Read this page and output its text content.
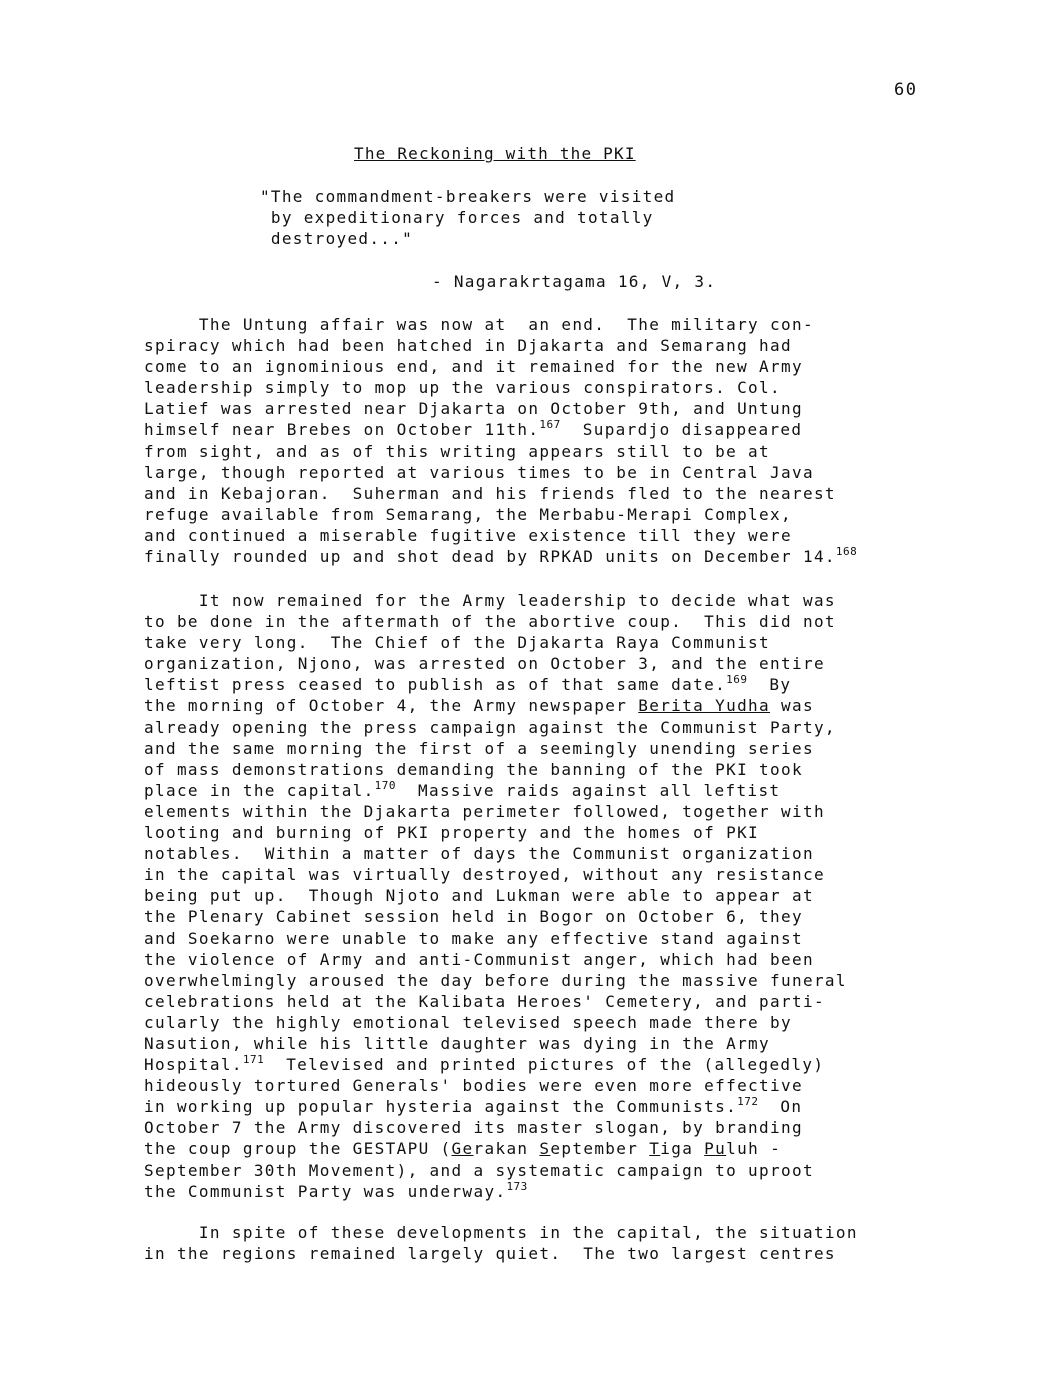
60
The Reckoning with the PKI
"The commandment-breakers were visited
by expeditionary forces and totally
destroyed..."
- Nagarakrtagama 16, V, 3.
The Untung affair was now at  an end.  The military con-
spiracy which had been hatched in Djakarta and Semarang had
come to an ignominious end, and it remained for the new Army
leadership simply to mop up the various conspirators. Col.
Latief was arrested near Djakarta on October 9th, and Untung
himself near Brebes on October 11th.$^{167}$  Supardjo disappeared
from sight, and as of this writing appears still to be at
large, though reported at various times to be in Central Java
and in Kebajoran.  Suherman and his friends fled to the nearest
refuge available from Semarang, the Merbabu-Merapi Complex,
and continued a miserable fugitive existence till they were
finally rounded up and shot dead by RPKAD units on December 14.$^{168}$
It now remained for the Army leadership to decide what was
to be done in the aftermath of the abortive coup.  This did not
take very long.  The Chief of the Djakarta Raya Communist
organization, Njono, was arrested on October 3, and the entire
leftist press ceased to publish as of that same date.$^{169}$  By
the morning of October 4, the Army newspaper Berita Yudha was
already opening the press campaign against the Communist Party,
and the same morning the first of a seemingly unending series
of mass demonstrations demanding the banning of the PKI took
place in the capital.$^{170}$  Massive raids against all leftist
elements within the Djakarta perimeter followed, together with
looting and burning of PKI property and the homes of PKI
notables.  Within a matter of days the Communist organization
in the capital was virtually destroyed, without any resistance
being put up.  Though Njoto and Lukman were able to appear at
the Plenary Cabinet session held in Bogor on October 6, they
and Soekarno were unable to make any effective stand against
the violence of Army and anti-Communist anger, which had been
overwhelmingly aroused the day before during the massive funeral
celebrations held at the Kalibata Heroes' Cemetery, and parti-
cularly the highly emotional televised speech made there by
Nasution, while his little daughter was dying in the Army
Hospital.$^{171}$  Televised and printed pictures of the (allegedly)
hideously tortured Generals' bodies were even more effective
in working up popular hysteria against the Communists.$^{172}$  On
October 7 the Army discovered its master slogan, by branding
the coup group the GESTAPU (Gerakan September Tiga Puluh -
September 30th Movement), and a systematic campaign to uproot
the Communist Party was underway.$^{173}$
In spite of these developments in the capital, the situation
in the regions remained largely quiet.  The two largest centres
